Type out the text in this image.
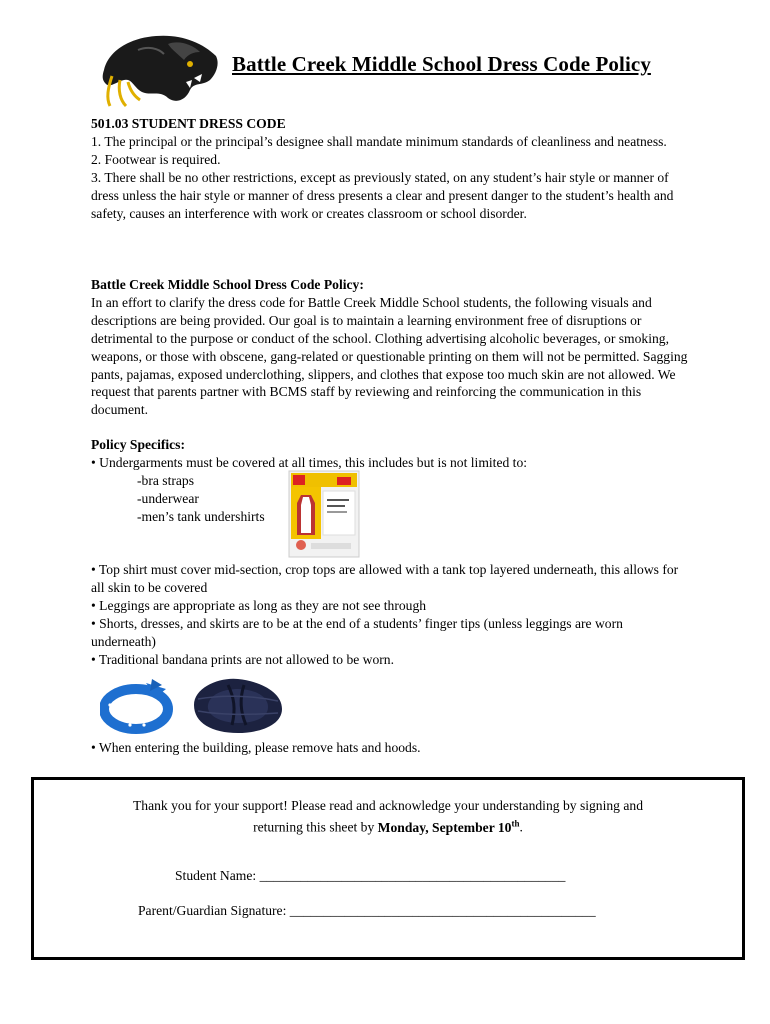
Battle Creek Middle School Dress Code Policy

501.03 STUDENT DRESS CODE

1. The principal or the principal’s designee shall mandate minimum standards of cleanliness and neatness.

2. Footwear is required.

3. There shall be no other restrictions, except as previously stated, on any student’s hair style or manner of dress unless the hair style or manner of dress presents a clear and present danger to the student’s health and safety, causes an interference with work or creates classroom or school disorder.

Battle Creek Middle School Dress Code Policy:

In an effort to clarify the dress code for Battle Creek Middle School students, the following visuals and descriptions are being provided. Our goal is to maintain a learning environment free of disruptions or detrimental to the purpose or conduct of the school. Clothing advertising alcoholic beverages, or smoking, weapons, or those with obscene, gang-related or questionable printing on them will not be permitted. Sagging pants, pajamas, exposed underclothing, slippers, and clothes that expose too much skin are not allowed. We request that parents partner with BCMS staff by reviewing and reinforcing the communication in this document.

Policy Specifics:

• Undergarments must be covered at all times, this includes but is not limited to:

-bra straps

-underwear

-men’s tank undershirts

• Top shirt must cover mid-section, crop tops are allowed with a tank top layered underneath, this allows for all skin to be covered

• Leggings are appropriate as long as they are not see through

• Shorts, dresses, and skirts are to be at the end of a students’ finger tips (unless leggings are worn underneath)

• Traditional bandana prints are not allowed to be worn.

• When entering the building, please remove hats and hoods.

Thank you for your support! Please read and acknowledge your understanding by signing and
returning this sheet by Monday, September 10th.
Student Name: _____________________________________________
Parent/Guardian Signature: _____________________________________________
